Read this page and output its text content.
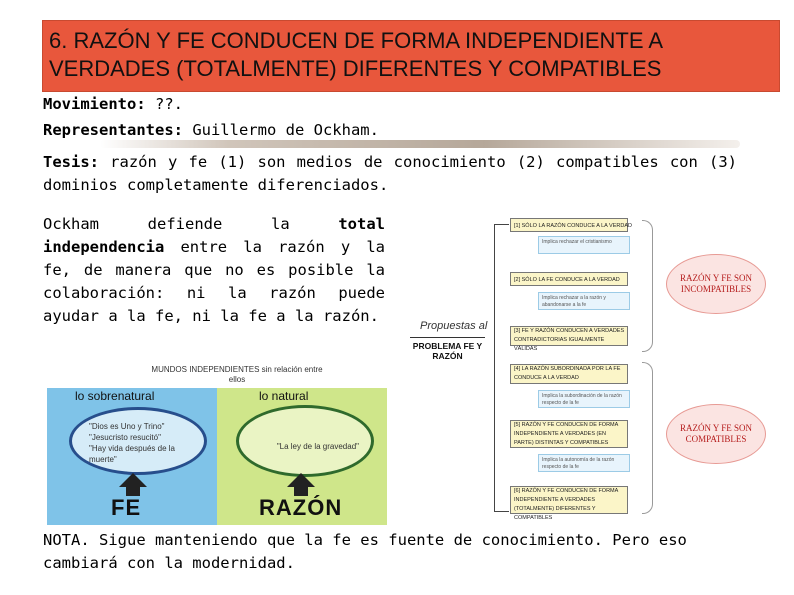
6. RAZÓN Y FE CONDUCEN DE FORMA INDEPENDIENTE A VERDADES (TOTALMENTE) DIFERENTES Y COMPATIBLES
Movimiento: ??.
Representantes: Guillermo de Ockham.
Tesis: razón y fe (1) son medios de conocimiento (2) compatibles con (3) dominios completamente diferenciados.
Ockham defiende la total independencia entre la razón y la fe, de manera que no es posible la colaboración: ni la razón puede ayudar a la fe, ni la fe a la razón.
MUNDOS INDEPENDIENTES sin relación entre ellos
lo sobrenatural	lo natural
"Dios es Uno y Trino"
"Jesucristo resucitó"
"Hay vida después de la muerte"
"La ley de la gravedad"
FE	RAZÓN
Propuestas al
PROBLEMA FE Y RAZÓN
[1] SÓLO LA RAZÓN CONDUCE A LA VERDAD
Implica rechazar el cristianismo
[2] SÓLO LA FE CONDUCE A LA VERDAD
Implica rechazar a la razón y abandonarse a la fe
[3] FE Y RAZÓN CONDUCEN A VERDADES CONTRADICTORIAS IGUALMENTE VÁLIDAS
[4] LA RAZÓN SUBORDINADA POR LA FE CONDUCE A LA VERDAD
Implica la subordinación de la razón respecto de la fe
[5] RAZÓN Y FE CONDUCEN DE FORMA INDEPENDIENTE A VERDADES (EN PARTE) DISTINTAS Y COMPATIBLES
Implica la autonomía de la razón respecto de la fe
[6] RAZÓN Y FE CONDUCEN DE FORMA INDEPENDIENTE A VERDADES (TOTALMENTE) DIFERENTES Y COMPATIBLES
RAZÓN Y FE SON INCOMPATIBLES
RAZÓN Y FE SON COMPATIBLES
NOTA. Sigue manteniendo que la fe es fuente de conocimiento. Pero eso cambiará con la modernidad.
